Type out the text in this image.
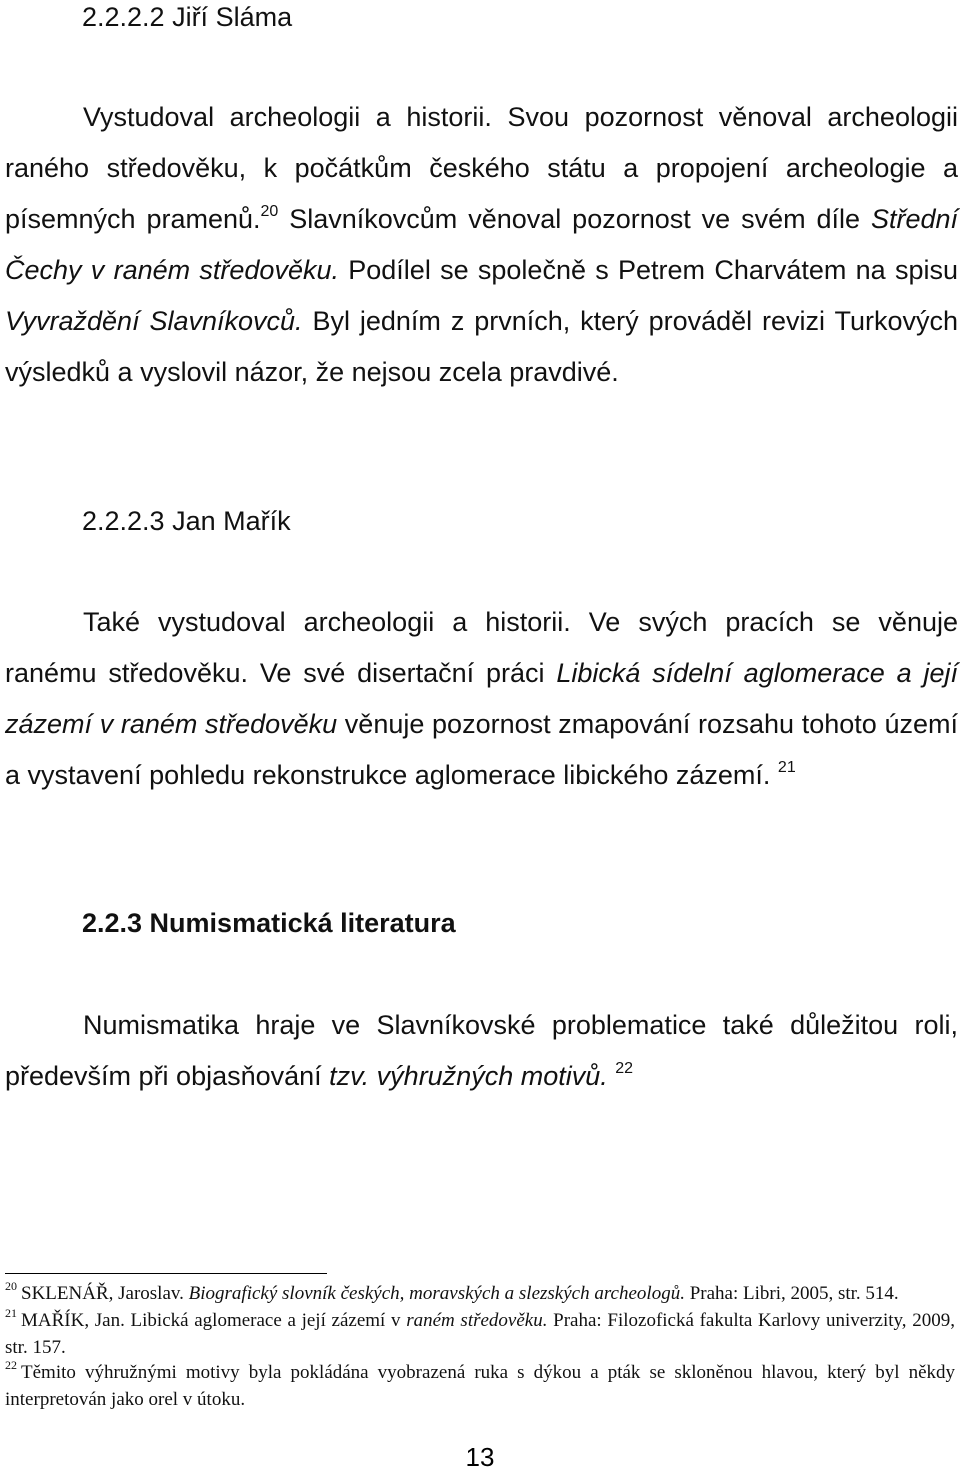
2.2.2.2 Jiří Sláma

Vystudoval archeologii a historii. Svou pozornost věnoval archeologii raného středověku, k počátkům českého státu a propojení archeologie a písemných pramenů.$^{20}$ Slavníkovcům věnoval pozornost ve svém díle Střední Čechy v raném středověku. Podílel se společně s Petrem Charvátem na spisu Vyvraždění Slavníkovců. Byl jedním z prvních, který prováděl revizi Turkových výsledků a vyslovil názor, že nejsou zcela pravdivé.

2.2.2.3 Jan Mařík

Také vystudoval archeologii a historii. Ve svých pracích se věnuje ranému středověku. Ve své disertační práci Libická sídelní aglomerace a její zázemí v raném středověku věnuje pozornost zmapování rozsahu tohoto území a vystavení pohledu rekonstrukce aglomerace libického zázemí. $^{21}$

2.2.3 Numismatická literatura

Numismatika hraje ve Slavníkovské problematice také důležitou roli, především při objasňování tzv. výhružných motivů. $^{22}$

$^{20}$ SKLENÁŘ, Jaroslav. Biografický slovník českých, moravských a slezských archeologů. Praha: Libri, 2005, str. 514.

$^{21}$ MAŘÍK, Jan. Libická aglomerace a její zázemí v raném středověku. Praha: Filozofická fakulta Karlovy univerzity, 2009, str. 157.

$^{22}$ Těmito výhružnými motivy byla pokládána vyobrazená ruka s dýkou a pták se skloněnou hlavou, který byl někdy interpretován jako orel v útoku.

13
